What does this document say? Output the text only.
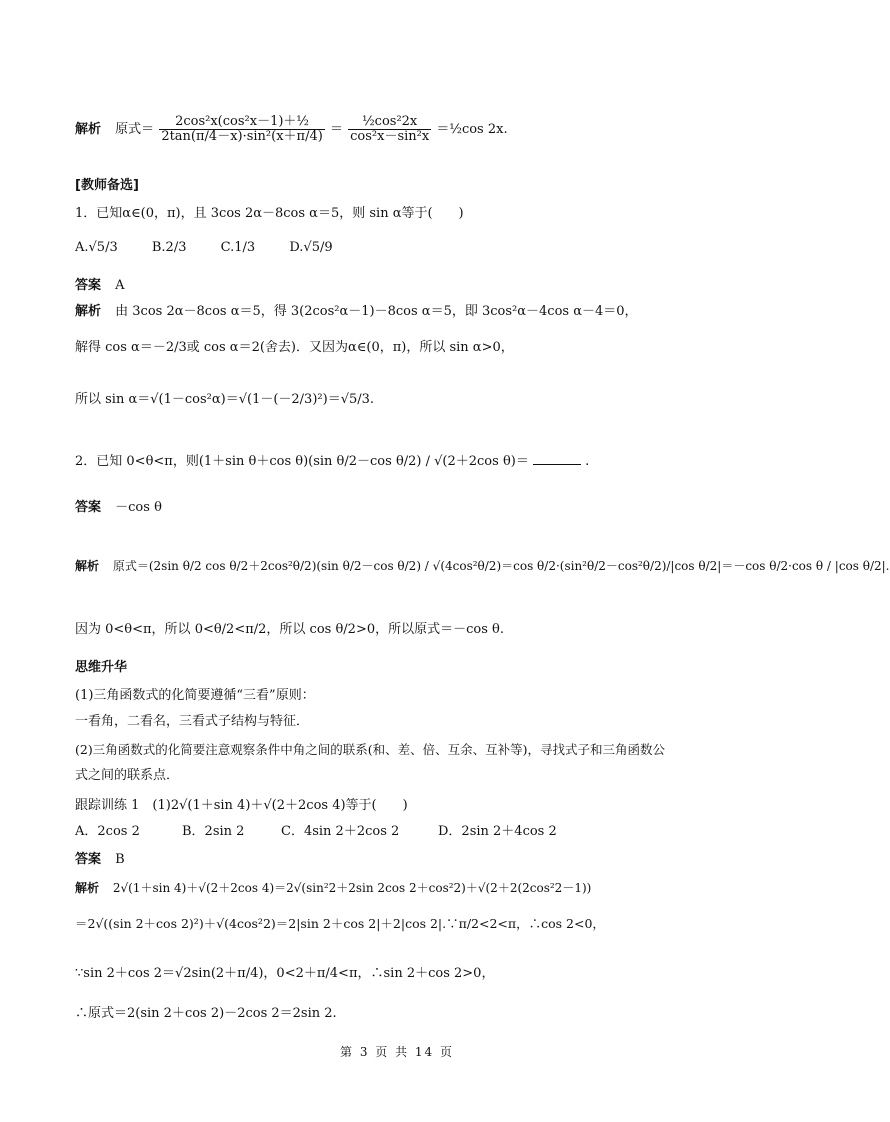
解析 原式＝ $\frac{\text{2cos²x(cos²x－1)＋½}}{\text{2tan(π/4－x)·sin²(x＋π/4)}} = \frac{\text{½cos²2x}}{\text{cos²x－sin²x}}$ ＝½cos 2x.
[教师备选]
1．已知α∈(0，π)，且 3cos 2α－8cos α＝5，则 sin α等于(　　)
A.√5/3	B.2/3	C.1/3	D.√5/9
答案 A
解析 由 3cos 2α－8cos α＝5，得 3(2cos²α－1)－8cos α＝5，即 3cos²α－4cos α－4＝0，
解得 cos α＝－2/3或 cos α＝2(舍去)．又因为α∈(0，π)，所以 sin α>0，
所以 sin α＝√(1－cos²α)＝√(1－(－2/3)²)＝√5/3.
2．已知 0<θ<π，则(1＋sin θ＋cos θ)(sin θ/2－cos θ/2) / √(2＋2cos θ)＝	.
答案 －cos θ
解析 原式＝(2sin θ/2 cos θ/2＋2cos²θ/2)(sin θ/2－cos θ/2) / √(4cos²θ/2)＝cos θ/2·(sin²θ/2－cos²θ/2)/|cos θ/2|＝－cos θ/2·cos θ / |cos θ/2|.
因为 0<θ<π，所以 0<θ/2<π/2，所以 cos θ/2>0，所以原式＝－cos θ.
思维升华
(1)三角函数式的化简要遵循“三看”原则：
一看角，二看名，三看式子结构与特征．
(2)三角函数式的化简要注意观察条件中角之间的联系(和、差、倍、互余、互补等)，寻找式子和三角函数公
式之间的联系点．
跟踪训练 1　(1)2√(1＋sin 4)＋√(2＋2cos 4)等于(　　)
A．2cos 2	B．2sin 2	C．4sin 2＋2cos 2	D．2sin 2＋4cos 2
答案 B
解析 2√(1＋sin 4)＋√(2＋2cos 4)＝2√(sin²2＋2sin 2cos 2＋cos²2)＋√(2＋2(2cos²2－1))
＝2√((sin 2＋cos 2)²)＋√(4cos²2)＝2|sin 2＋cos 2|＋2|cos 2|.∵π/2<2<π，∴cos 2<0，
∵sin 2＋cos 2＝√2sin(2＋π/4)，0<2＋π/4<π，∴sin 2＋cos 2>0，
∴原式＝2(sin 2＋cos 2)－2cos 2＝2sin 2.
第 3 页 共 14 页
